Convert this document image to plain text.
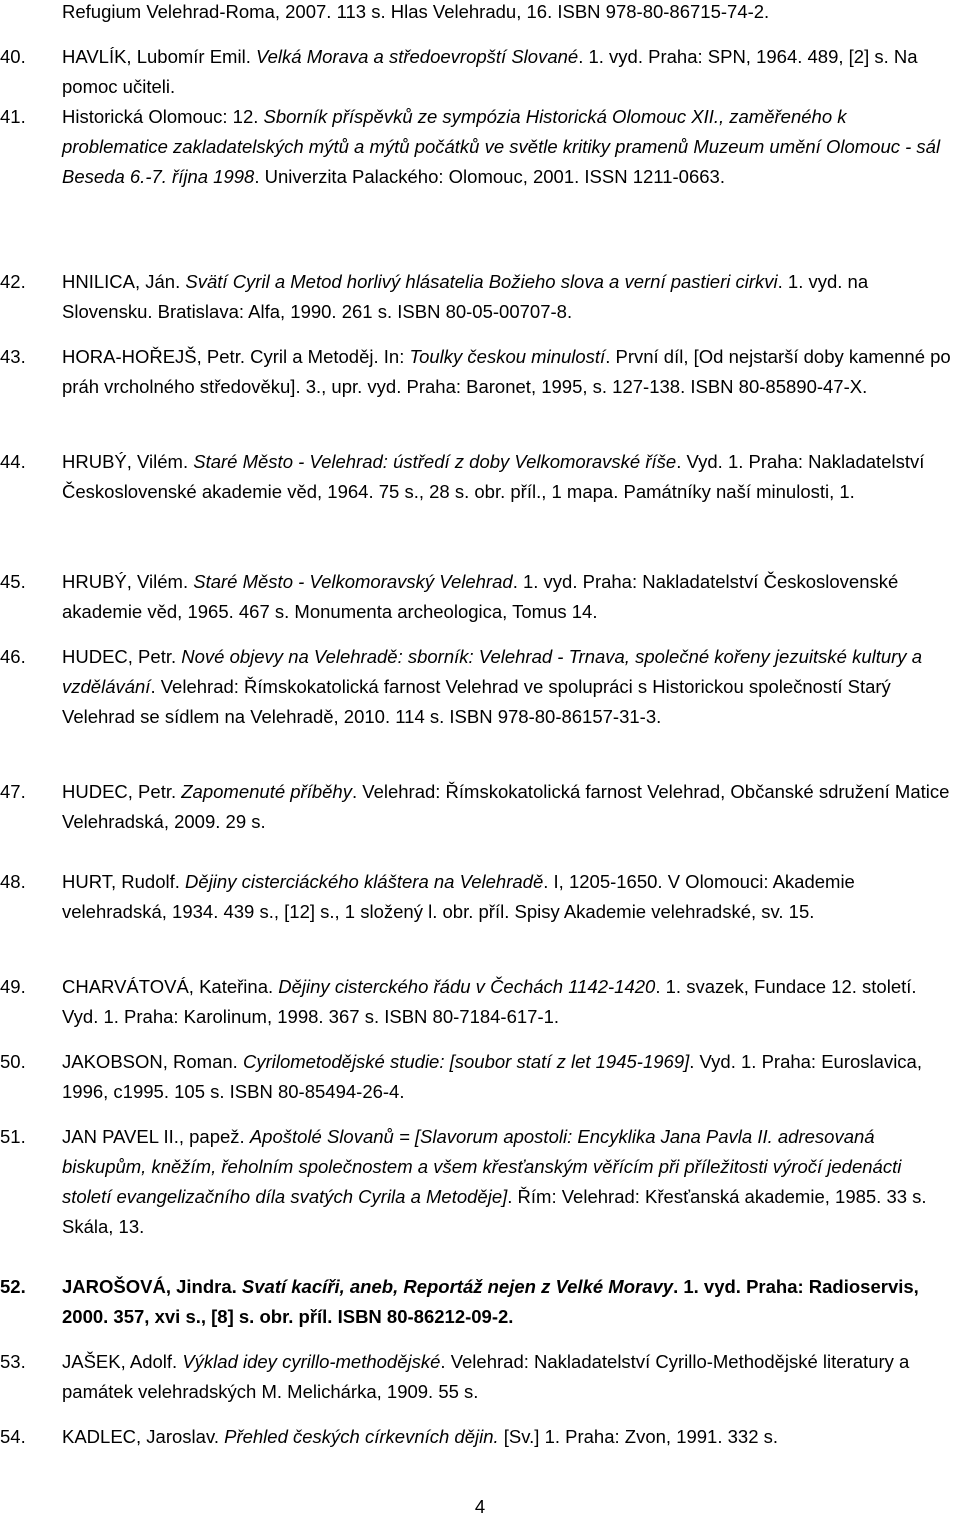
Refugium Velehrad-Roma, 2007. 113 s. Hlas Velehradu, 16. ISBN 978-80-86715-74-2.
40. HAVLÍK, Lubomír Emil. Velká Morava a středoevropští Slované. 1. vyd. Praha: SPN, 1964. 489, [2] s. Na pomoc učiteli.
41. Historická Olomouc: 12. Sborník příspěvků ze sympózia Historická Olomouc XII., zaměřeného k problematice zakladatelských mýtů a mýtů počátků ve světle kritiky pramenů Muzeum umění Olomouc - sál Beseda 6.-7. října 1998. Univerzita Palackého: Olomouc, 2001. ISSN 1211-0663.
42. HNILICA, Ján. Svätí Cyril a Metod horlivý hlásatelia Božieho slova a verní pastieri cirkvi. 1. vyd. na Slovensku. Bratislava: Alfa, 1990. 261 s. ISBN 80-05-00707-8.
43. HORA-HOŘEJŠ, Petr. Cyril a Metoděj. In: Toulky českou minulostí. První díl, [Od nejstarší doby kamenné po práh vrcholného středověku]. 3., upr. vyd. Praha: Baronet, 1995, s. 127-138. ISBN 80-85890-47-X.
44. HRUBÝ, Vilém. Staré Město - Velehrad: ústředí z doby Velkomoravské říše. Vyd. 1. Praha: Nakladatelství Československé akademie věd, 1964. 75 s., 28 s. obr. příl., 1 mapa. Památníky naší minulosti, 1.
45. HRUBÝ, Vilém. Staré Město - Velkomoravský Velehrad. 1. vyd. Praha: Nakladatelství Československé akademie věd, 1965. 467 s. Monumenta archeologica, Tomus 14.
46. HUDEC, Petr. Nové objevy na Velehradě: sborník: Velehrad - Trnava, společné kořeny jezuitské kultury a vzdělávání. Velehrad: Římskokatolická farnost Velehrad ve spolupráci s Historickou společností Starý Velehrad se sídlem na Velehradě, 2010. 114 s. ISBN 978-80-86157-31-3.
47. HUDEC, Petr. Zapomenuté příběhy. Velehrad: Římskokatolická farnost Velehrad, Občanské sdružení Matice Velehradská, 2009. 29 s.
48. HURT, Rudolf. Dějiny cisterciáckého kláštera na Velehradě. I, 1205-1650. V Olomouci: Akademie velehradská, 1934. 439 s., [12] s., 1 složený l. obr. příl. Spisy Akademie velehradské, sv. 15.
49. CHARVÁTOVÁ, Kateřina. Dějiny cisterckého řádu v Čechách 1142-1420. 1. svazek, Fundace 12. století. Vyd. 1. Praha: Karolinum, 1998. 367 s. ISBN 80-7184-617-1.
50. JAKOBSON, Roman. Cyrilometodějské studie: [soubor statí z let 1945-1969]. Vyd. 1. Praha: Euroslavica, 1996, c1995. 105 s. ISBN 80-85494-26-4.
51. JAN PAVEL II., papež. Apoštolé Slovanů = [Slavorum apostoli: Encyklika Jana Pavla II. adresovaná biskupům, kněžím, řeholním společnostem a všem křesťanským věřícím při příležitosti výročí jedenácti století evangelizačního díla svatých Cyrila a Metoděje]. Řím: Velehrad: Křesťanská akademie, 1985. 33 s. Skála, 13.
52. JAROŠOVÁ, Jindra. Svatí kacíři, aneb, Reportáž nejen z Velké Moravy. 1. vyd. Praha: Radioservis, 2000. 357, xvi s., [8] s. obr. příl. ISBN 80-86212-09-2.
53. JAŠEK, Adolf. Výklad idey cyrillo-methodějské. Velehrad: Nakladatelství Cyrillo-Methodějské literatury a památek velehradských M. Melichárka, 1909. 55 s.
54. KADLEC, Jaroslav. Přehled českých církevních dějin. [Sv.] 1. Praha: Zvon, 1991. 332 s.
4
